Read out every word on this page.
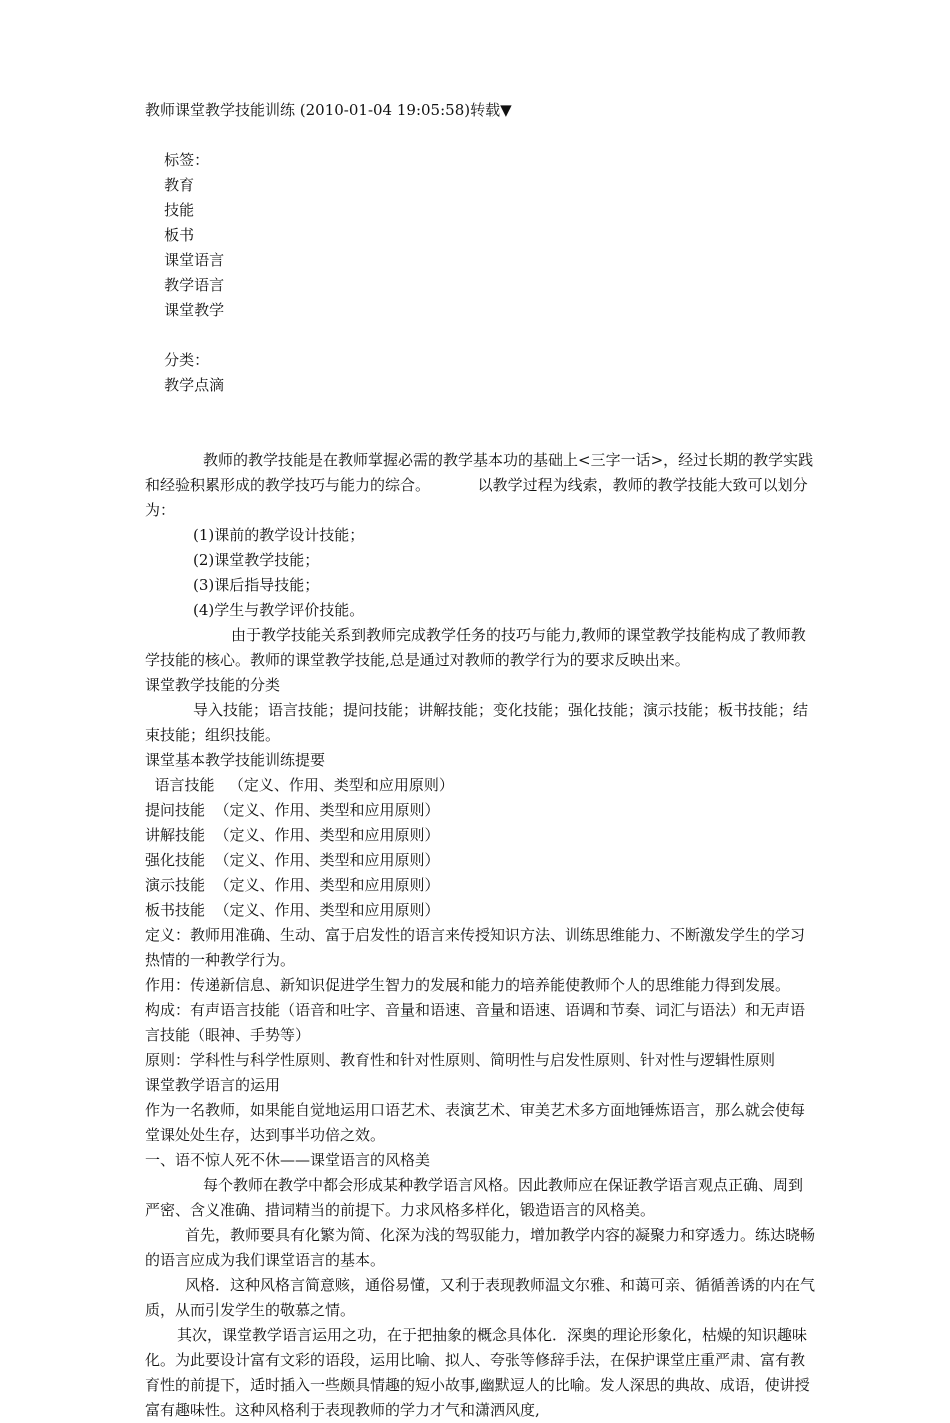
教师课堂教学技能训练 (2010-01-04 19:05:58)转载▼

标签：
教育
技能
板书
课堂语言
教学语言
课堂教学

分类：
教学点滴

教师的教学技能是在教师掌握必需的教学基本功的基础上<三字一话>，经过长期的教学实践和经验积累形成的教学技巧与能力的综合。          以教学过程为线索，教师的教学技能大致可以划分为：
(1)课前的教学设计技能；
(2)课堂教学技能；
(3)课后指导技能；
(4)学生与教学评价技能。
由于教学技能关系到教师完成教学任务的技巧与能力,教师的课堂教学技能构成了教师教学技能的核心。教师的课堂教学技能,总是通过对教师的教学行为的要求反映出来。
课堂教学技能的分类
导入技能；语言技能；提问技能；讲解技能；变化技能；强化技能；演示技能；板书技能；结束技能；组织技能。
课堂基本教学技能训练提要
语言技能   （定义、作用、类型和应用原则）
提问技能  （定义、作用、类型和应用原则）
讲解技能  （定义、作用、类型和应用原则）
强化技能  （定义、作用、类型和应用原则）
演示技能  （定义、作用、类型和应用原则）
板书技能  （定义、作用、类型和应用原则）
定义：教师用准确、生动、富于启发性的语言来传授知识方法、训练思维能力、不断激发学生的学习热情的一种教学行为。
作用：传递新信息、新知识促进学生智力的发展和能力的培养能使教师个人的思维能力得到发展。
构成：有声语言技能（语音和吐字、音量和语速、音量和语速、语调和节奏、词汇与语法）和无声语言技能（眼神、手势等）
原则：学科性与科学性原则、教育性和针对性原则、简明性与启发性原则、针对性与逻辑性原则
课堂教学语言的运用
作为一名教师，如果能自觉地运用口语艺术、表演艺术、审美艺术多方面地锤炼语言，那么就会使每堂课处处生存，达到事半功倍之效。
一、语不惊人死不休——课堂语言的风格美
每个教师在教学中都会形成某种教学语言风格。因此教师应在保证教学语言观点正确、周到严密、含义准确、措词精当的前提下。力求风格多样化，锻造语言的风格美。
首先，教师要具有化繁为简、化深为浅的驾驭能力，增加教学内容的凝聚力和穿透力。练达晓畅的语言应成为我们课堂语言的基本。
风格．这种风格言简意赅，通俗易懂，又利于表现教师温文尔雅、和蔼可亲、循循善诱的内在气质，从而引发学生的敬慕之情。
其次，课堂教学语言运用之功，在于把抽象的概念具体化．深奥的理论形象化，枯燥的知识趣味化。为此要设计富有文彩的语段，运用比喻、拟人、夸张等修辞手法，在保护课堂庄重严肃、富有教育性的前提下，适时插入一些颇具情趣的短小故事,幽默逗人的比喻。发人深思的典故、成语，使讲授富有趣味性。这种风格利于表现教师的学力才气和潇洒风度,
